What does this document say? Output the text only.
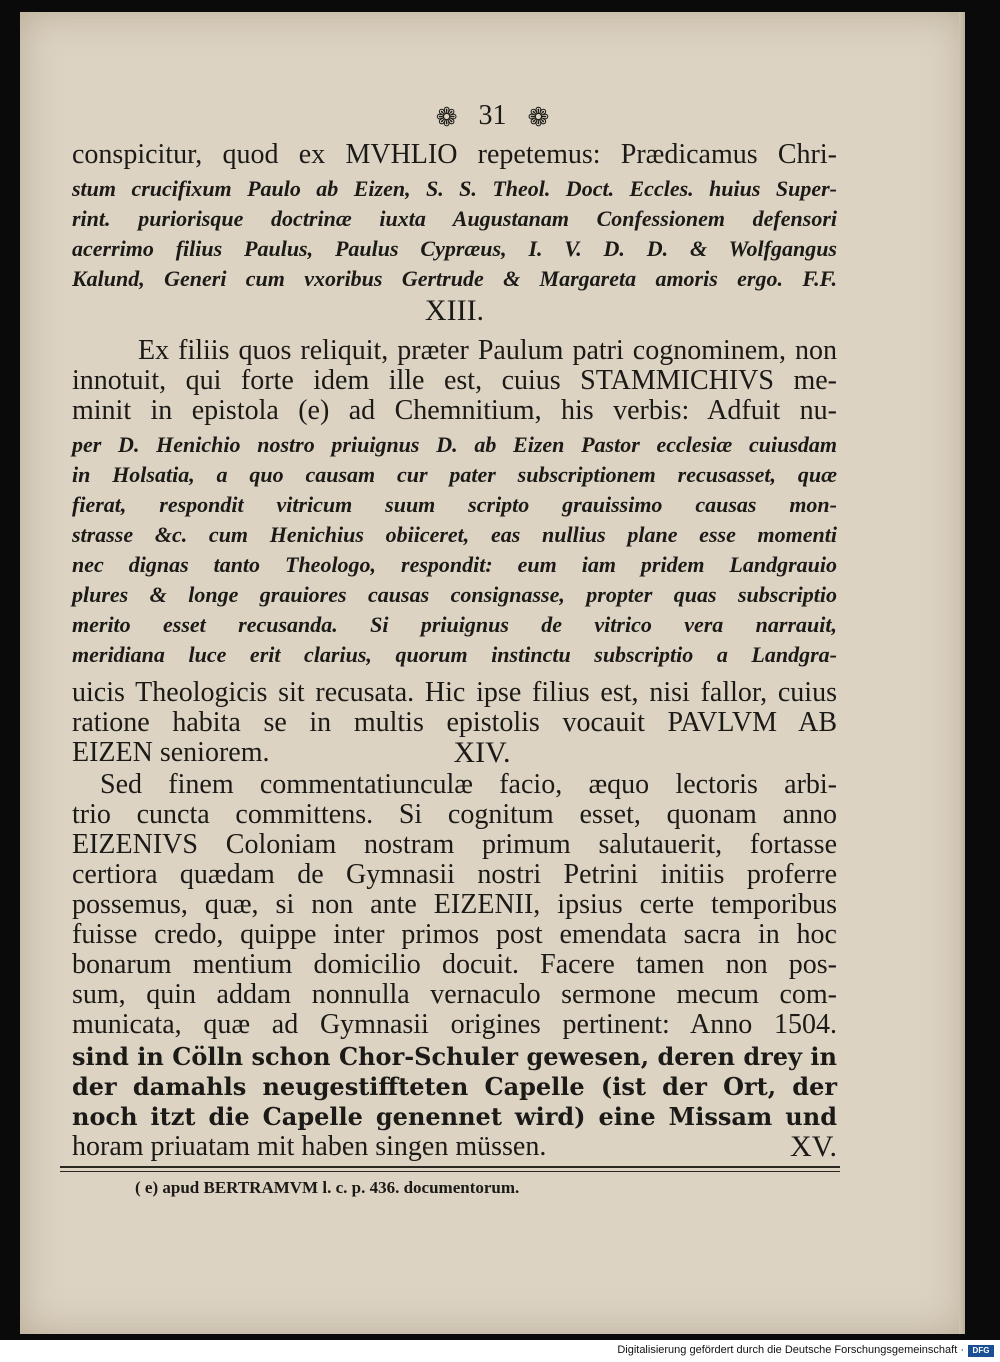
❁ 31 ❁
conspicitur, quod ex MVHLIO repetemus: Prædicamus Chri-
stum crucifixum Paulo ab Eizen, S. S. Theol. Doct. Eccles. huius Super-
rint. puriorisque doctrinæ iuxta Augustanam Confessionem defensori
acerrimo filius Paulus, Paulus Cypræus, I. V. D. D. & Wolfgangus
Kalund, Generi cum vxoribus Gertrude & Margareta amoris ergo. F.F.
XIII.
Ex filiis quos reliquit, præter Paulum patri cognominem, non
innotuit, qui forte idem ille est, cuius STAMMICHIVS me-
minit in epistola (e) ad Chemnitium, his verbis: Adfuit nu-
per D. Henichio nostro priuignus D. ab Eizen Pastor ecclesiæ cuiusdam
in Holsatia, a quo causam cur pater subscriptionem recusasset, quæ
fierat, respondit vitricum suum scripto grauissimo causas mon-
strasse &c. cum Henichius obiiceret, eas nullius plane esse momenti
nec dignas tanto Theologo, respondit: eum iam pridem Landgrauio
plures & longe grauiores causas consignasse, propter quas subscriptio
merito esset recusanda. Si priuignus de vitrico vera narrauit,
meridiana luce erit clarius, quorum instinctu subscriptio a Landgra-
uicis Theologicis sit recusata. Hic ipse filius est, nisi fallor, cuius
ratione habita se in multis epistolis vocauit PAVLVM AB
EIZEN seniorem.	XIV.
Sed finem commentatiunculæ facio, æquo lectoris arbi-
trio cuncta committens. Si cognitum esset, quonam anno
EIZENIVS Coloniam nostram primum salutauerit, fortasse
certiora quædam de Gymnasii nostri Petrini initiis proferre
possemus, quæ, si non ante EIZENII, ipsius certe temporibus
fuisse credo, quippe inter primos post emendata sacra in hoc
bonarum mentium domicilio docuit. Facere tamen non pos-
sum, quin addam nonnulla vernaculo sermone mecum com-
municata, quæ ad Gymnasii origines pertinent: Anno 1504.
sind in Cölln schon Chor-Schuler gewesen, deren drey in
der damahls neugestiffteten Capelle (ist der Ort, der
noch itzt die Capelle genennet wird) eine Missam und
horam priuatam mit haben singen müssen.	XV.
( e) apud BERTRAMVM l. c. p. 436. documentorum.
Digitalisierung gefördert durch die Deutsche Forschungsgemeinschaft ·	DFG
